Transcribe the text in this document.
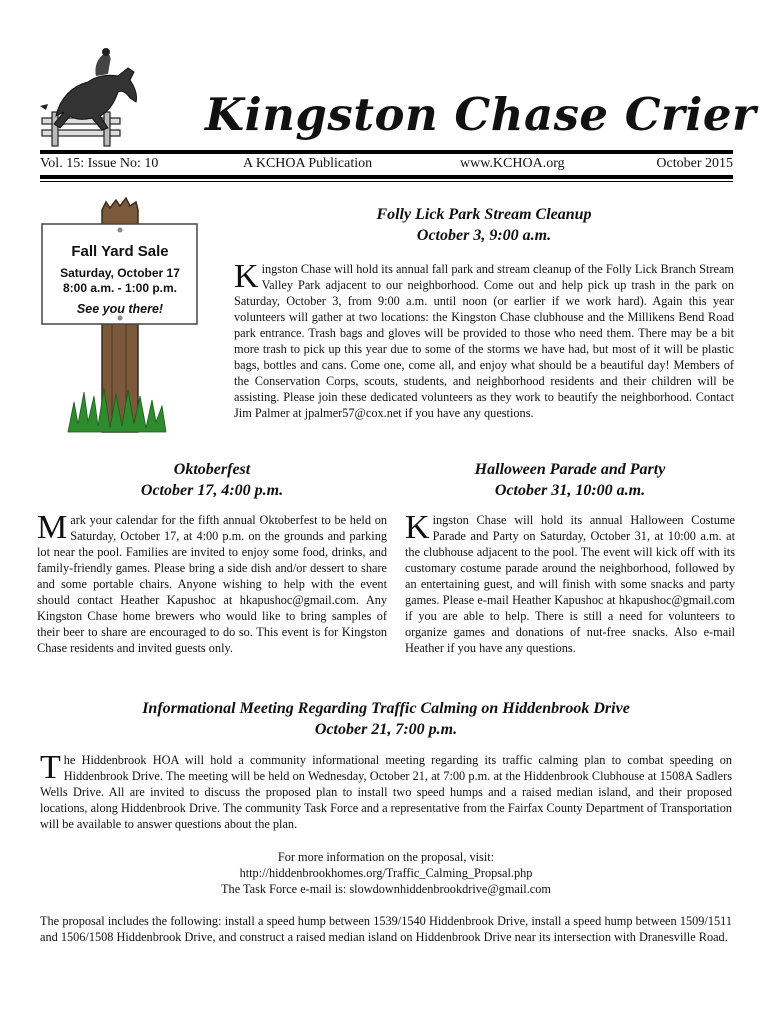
Kingston Chase Crier
Vol. 15: Issue No: 10	A KCHOA Publication	www.KCHOA.org	October 2015
Fall Yard Sale
Saturday, October 17
8:00 a.m. - 1:00 p.m.
See you there!
Folly Lick Park Stream Cleanup
October 3, 9:00 a.m.
Kingston Chase will hold its annual fall park and stream cleanup of the Folly Lick Branch Stream Valley Park adjacent to our neighborhood. Come out and help pick up trash in the park on Saturday, October 3, from 9:00 a.m. until noon (or earlier if we work hard). Again this year volunteers will gather at two locations: the Kingston Chase clubhouse and the Millikens Bend Road park entrance. Trash bags and gloves will be provided to those who need them. There may be a bit more trash to pick up this year due to some of the storms we have had, but most of it will be plastic bags, bottles and cans. Come one, come all, and enjoy what should be a beautiful day! Members of the Conservation Corps, scouts, students, and neighborhood residents and their children will be assisting. Please join these dedicated volunteers as they work to beautify the neighborhood. Contact Jim Palmer at jpalmer57@cox.net if you have any questions.
Oktoberfest
October 17, 4:00 p.m.
Mark your calendar for the fifth annual Oktoberfest to be held on Saturday, October 17, at 4:00 p.m. on the grounds and parking lot near the pool. Families are invited to enjoy some food, drinks, and family-friendly games. Please bring a side dish and/or dessert to share and some portable chairs. Anyone wishing to help with the event should contact Heather Kapushoc at hkapushoc@gmail.com. Any Kingston Chase home brewers who would like to bring samples of their beer to share are encouraged to do so. This event is for Kingston Chase residents and invited guests only.
Halloween Parade and Party
October 31, 10:00 a.m.
Kingston Chase will hold its annual Halloween Costume Parade and Party on Saturday, October 31, at 10:00 a.m. at the clubhouse adjacent to the pool. The event will kick off with its customary costume parade around the neighborhood, followed by an entertaining guest, and will finish with some snacks and party games. Please e-mail Heather Kapushoc at hkapushoc@gmail.com if you are able to help. There is still a need for volunteers to organize games and donations of nut-free snacks. Also e-mail Heather if you have any questions.
Informational Meeting Regarding Traffic Calming on Hiddenbrook Drive
October 21, 7:00 p.m.
The Hiddenbrook HOA will hold a community informational meeting regarding its traffic calming plan to combat speeding on Hiddenbrook Drive. The meeting will be held on Wednesday, October 21, at 7:00 p.m. at the Hiddenbrook Clubhouse at 1508A Sadlers Wells Drive. All are invited to discuss the proposed plan to install two speed humps and a raised median island, and their proposed locations, along Hiddenbrook Drive. The community Task Force and a representative from the Fairfax County Department of Transportation will be available to answer questions about the plan.
For more information on the proposal, visit:
http://hiddenbrookhomes.org/Traffic_Calming_Propsal.php
The Task Force e-mail is: slowdownhiddenbrookdrive@gmail.com
The proposal includes the following: install a speed hump between 1539/1540 Hiddenbrook Drive, install a speed hump between 1509/1511 and 1506/1508 Hiddenbrook Drive, and construct a raised median island on Hiddenbrook Drive near its intersection with Dranesville Road.
